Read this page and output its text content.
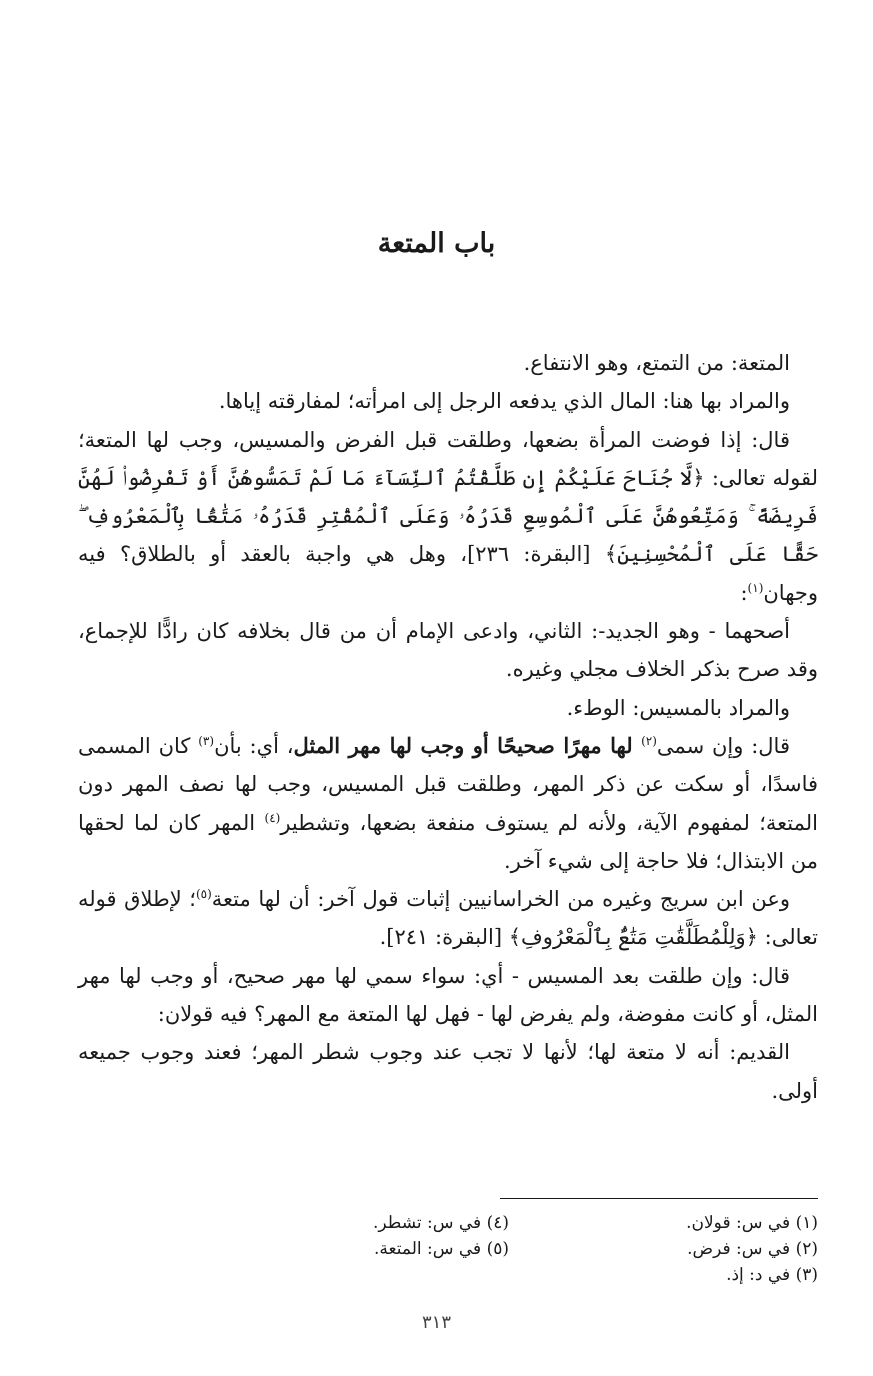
باب المتعة

المتعة: من التمتع، وهو الانتفاع.

والمراد بها هنا: المال الذي يدفعه الرجل إلى امرأته؛ لمفارقته إياها.

قال: إذا فوضت المرأة بضعها، وطلقت قبل الفرض والمسيس، وجب لها المتعة؛ لقوله تعالى: ﴿لَّا جُنَاحَ عَلَيْكُمْ إِن طَلَّقْتُمُ ٱلنِّسَآءَ مَا لَمْ تَمَسُّوهُنَّ أَوْ تَفْرِضُوا۟ لَهُنَّ فَرِيضَةً ۚ وَمَتِّعُوهُنَّ عَلَى ٱلْمُوسِعِ قَدَرُهُۥ وَعَلَى ٱلْمُقْتِرِ قَدَرُهُۥ مَتَٰعًۢا بِٱلْمَعْرُوفِ ۖ حَقًّا عَلَى ٱلْمُحْسِنِينَ﴾ [البقرة: ٢٣٦]، وهل هي واجبة بالعقد أو بالطلاق؟ فيه وجهان$^{(١)}$:

أصحهما - وهو الجديد-: الثاني، وادعى الإمام أن من قال بخلافه كان رادًّا للإجماع، وقد صرح بذكر الخلاف مجلي وغيره.

والمراد بالمسيس: الوطء.

قال: وإن سمى$^{(٢)}$ لها مهرًا صحيحًا أو وجب لها مهر المثل، أي: بأن$^{(٣)}$ كان المسمى فاسدًا، أو سكت عن ذكر المهر، وطلقت قبل المسيس، وجب لها نصف المهر دون المتعة؛ لمفهوم الآية، ولأنه لم يستوف منفعة بضعها، وتشطير$^{(٤)}$ المهر كان لما لحقها من الابتذال؛ فلا حاجة إلى شيء آخر.

وعن ابن سريج وغيره من الخراسانيين إثبات قول آخر: أن لها متعة$^{(٥)}$؛ لإطلاق قوله تعالى: ﴿وَلِلْمُطَلَّقَٰتِ مَتَٰعٌۢ بِٱلْمَعْرُوفِ﴾ [البقرة: ٢٤١].

قال: وإن طلقت بعد المسيس - أي: سواء سمي لها مهر صحيح، أو وجب لها مهر المثل، أو كانت مفوضة، ولم يفرض لها - فهل لها المتعة مع المهر؟ فيه قولان:

القديم: أنه لا متعة لها؛ لأنها لا تجب عند وجوب شطر المهر؛ فعند وجوب جميعه أولى.

(١) في س: قولان.
(٢) في س: فرض.
(٣) في د: إذ.
(٤) في س: تشطر.
(٥) في س: المتعة.
٣١٣
